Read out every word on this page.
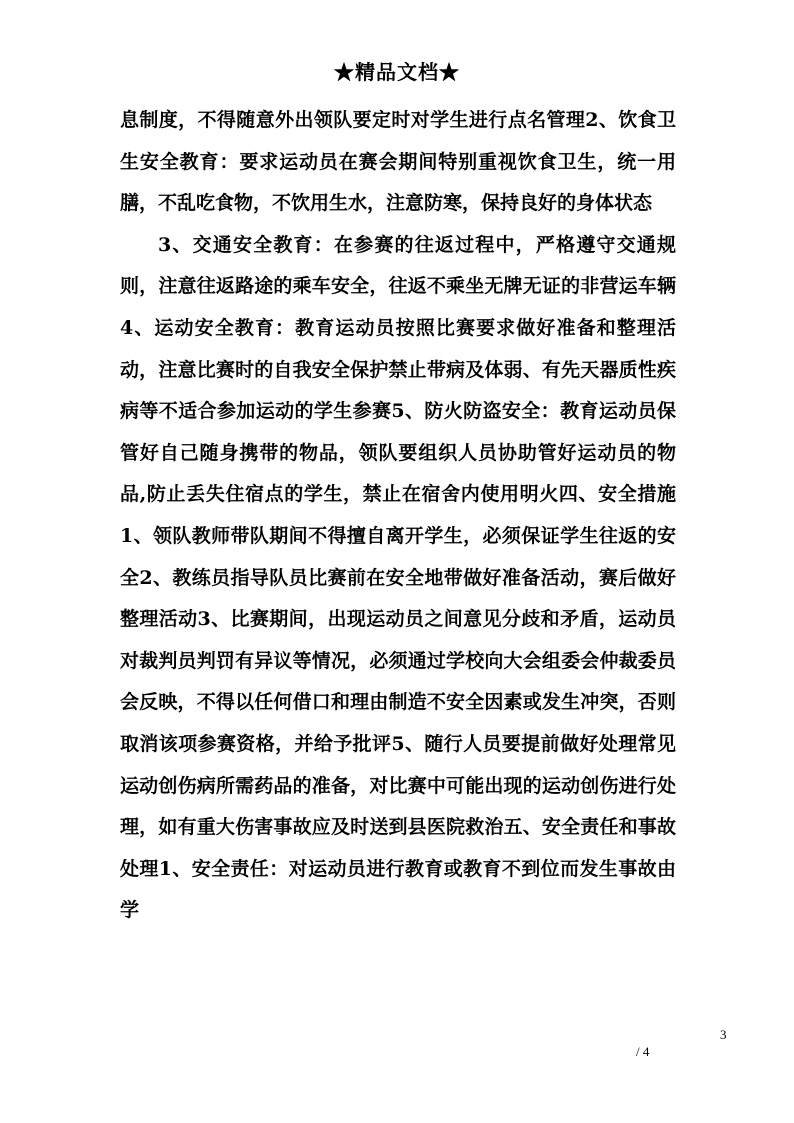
★精品文档★

息制度，不得随意外出领队要定时对学生进行点名管理2、饮食卫生安全教育：要求运动员在赛会期间特别重视饮食卫生，统一用膳，不乱吃食物，不饮用生水，注意防寒，保持良好的身体状态

3、交通安全教育：在参赛的往返过程中，严格遵守交通规则，注意往返路途的乘车安全，往返不乘坐无牌无证的非营运车辆4、运动安全教育：教育运动员按照比赛要求做好准备和整理活动，注意比赛时的自我安全保护禁止带病及体弱、有先天器质性疾病等不适合参加运动的学生参赛5、防火防盗安全：教育运动员保管好自己随身携带的物品，领队要组织人员协助管好运动员的物品,防止丢失住宿点的学生，禁止在宿舍内使用明火四、安全措施1、领队教师带队期间不得擅自离开学生，必须保证学生往返的安全2、教练员指导队员比赛前在安全地带做好准备活动，赛后做好整理活动3、比赛期间，出现运动员之间意见分歧和矛盾，运动员对裁判员判罚有异议等情况，必须通过学校向大会组委会仲裁委员会反映，不得以任何借口和理由制造不安全因素或发生冲突，否则取消该项参赛资格，并给予批评5、随行人员要提前做好处理常见运动创伤病所需药品的准备，对比赛中可能出现的运动创伤进行处理，如有重大伤害事故应及时送到县医院救治五、安全责任和事故处理1、安全责任：对运动员进行教育或教育不到位而发生事故由学

3
/ 4
